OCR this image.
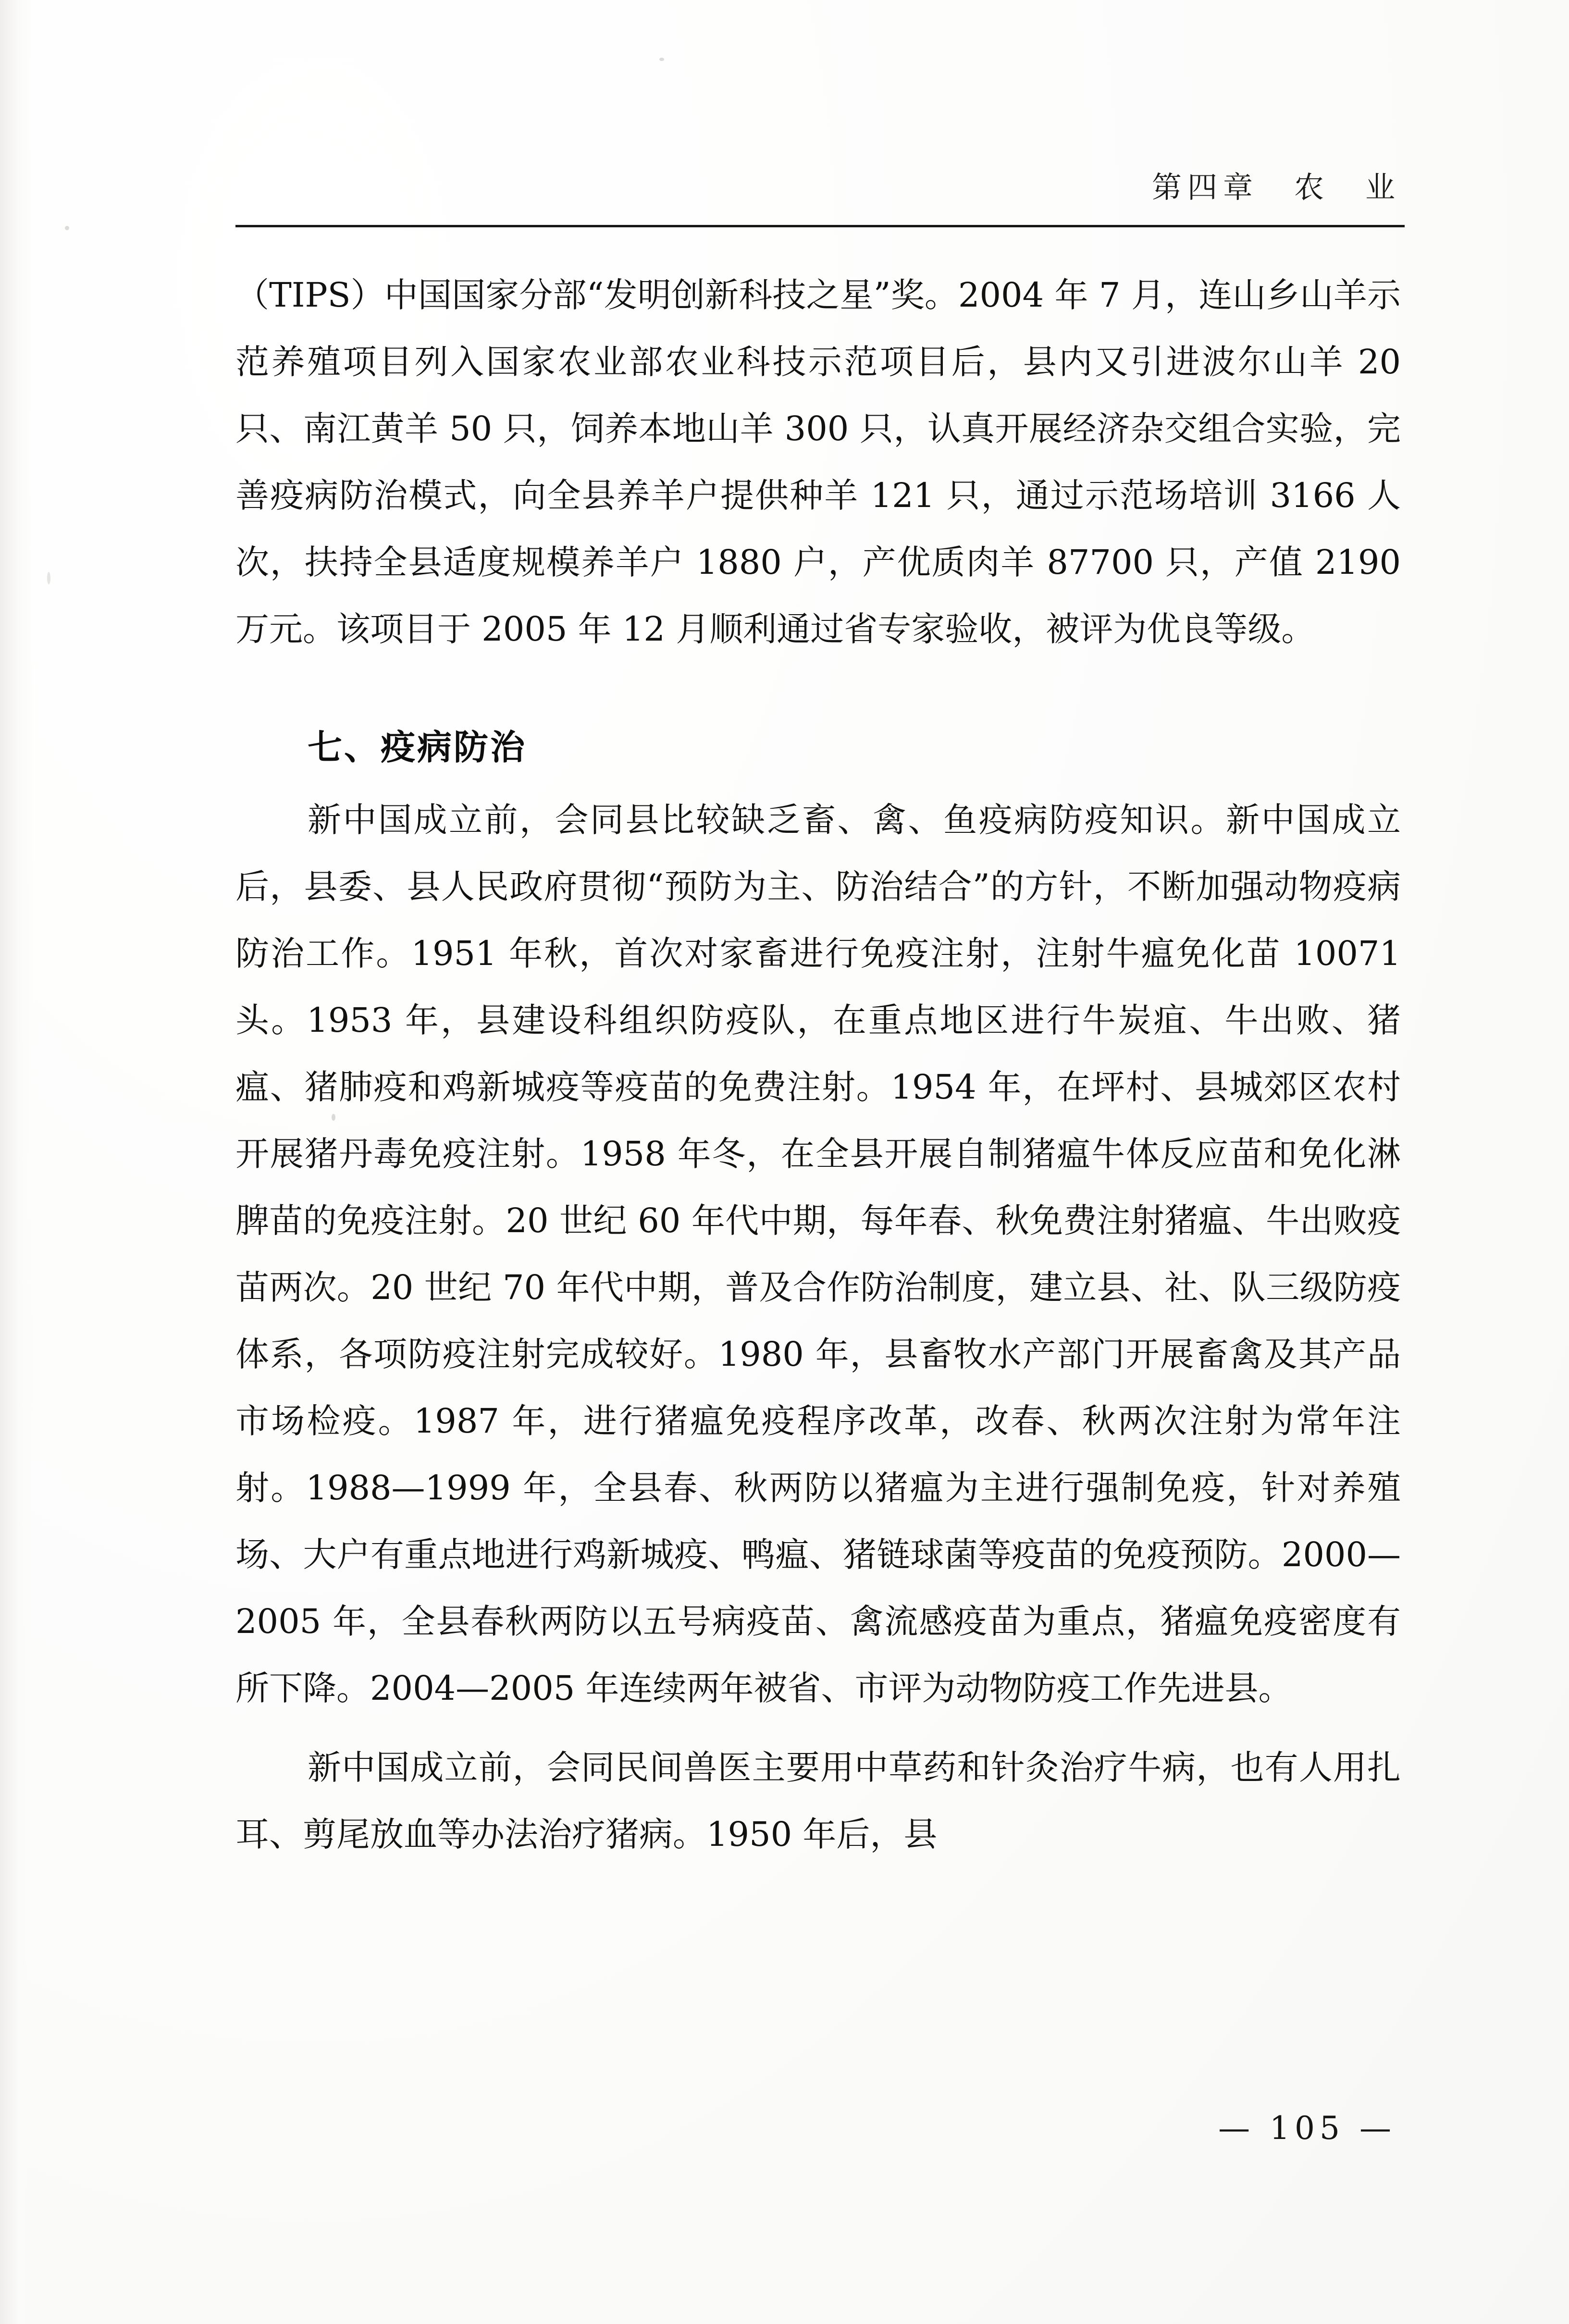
第四章　农　业

（TIPS）中国国家分部“发明创新科技之星”奖。2004 年 7 月，连山乡山羊示范养殖项目列入国家农业部农业科技示范项目后，县内又引进波尔山羊 20 只、南江黄羊 50 只，饲养本地山羊 300 只，认真开展经济杂交组合实验，完善疫病防治模式，向全县养羊户提供种羊 121 只，通过示范场培训 3166 人次，扶持全县适度规模养羊户 1880 户，产优质肉羊 87700 只，产值 2190 万元。该项目于 2005 年 12 月顺利通过省专家验收，被评为优良等级。

七、疫病防治

新中国成立前，会同县比较缺乏畜、禽、鱼疫病防疫知识。新中国成立后，县委、县人民政府贯彻“预防为主、防治结合”的方针，不断加强动物疫病防治工作。1951 年秋，首次对家畜进行免疫注射，注射牛瘟免化苗 10071 头。1953 年，县建设科组织防疫队，在重点地区进行牛炭疽、牛出败、猪瘟、猪肺疫和鸡新城疫等疫苗的免费注射。1954 年，在坪村、县城郊区农村开展猪丹毒免疫注射。1958 年冬，在全县开展自制猪瘟牛体反应苗和免化淋脾苗的免疫注射。20 世纪 60 年代中期，每年春、秋免费注射猪瘟、牛出败疫苗两次。20 世纪 70 年代中期，普及合作防治制度，建立县、社、队三级防疫体系，各项防疫注射完成较好。1980 年，县畜牧水产部门开展畜禽及其产品市场检疫。1987 年，进行猪瘟免疫程序改革，改春、秋两次注射为常年注射。1988—1999 年，全县春、秋两防以猪瘟为主进行强制免疫，针对养殖场、大户有重点地进行鸡新城疫、鸭瘟、猪链球菌等疫苗的免疫预防。2000—2005 年，全县春秋两防以五号病疫苗、禽流感疫苗为重点，猪瘟免疫密度有所下降。2004—2005 年连续两年被省、市评为动物防疫工作先进县。

新中国成立前，会同民间兽医主要用中草药和针灸治疗牛病，也有人用扎耳、剪尾放血等办法治疗猪病。1950 年后，县

— 105 —
